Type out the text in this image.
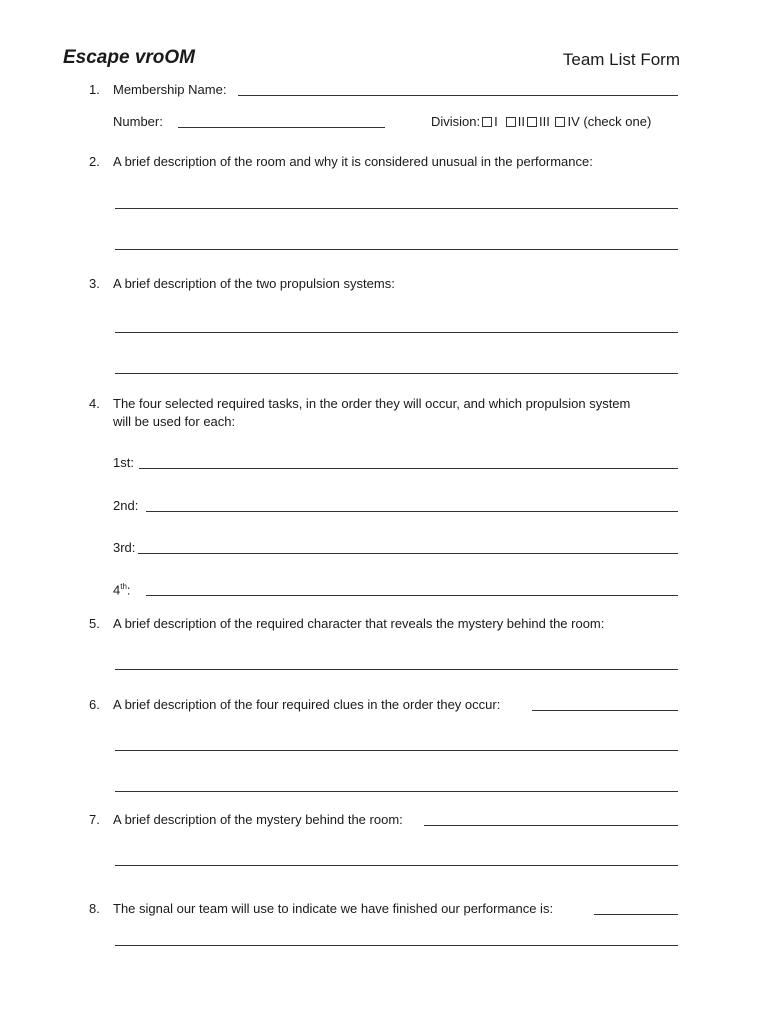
Escape vroOM	Team List Form
1. Membership Name:
Number:	Division: I II III IV (check one)
2. A brief description of the room and why it is considered unusual in the performance:
3. A brief description of the two propulsion systems:
4. The four selected required tasks, in the order they will occur, and which propulsion system
will be used for each:
1st:
2nd:
3rd:
4th:
5. A brief description of the required character that reveals the mystery behind the room:
6. A brief description of the four required clues in the order they occur:
7. A brief description of the mystery behind the room:
8. The signal our team will use to indicate we have finished our performance is:
